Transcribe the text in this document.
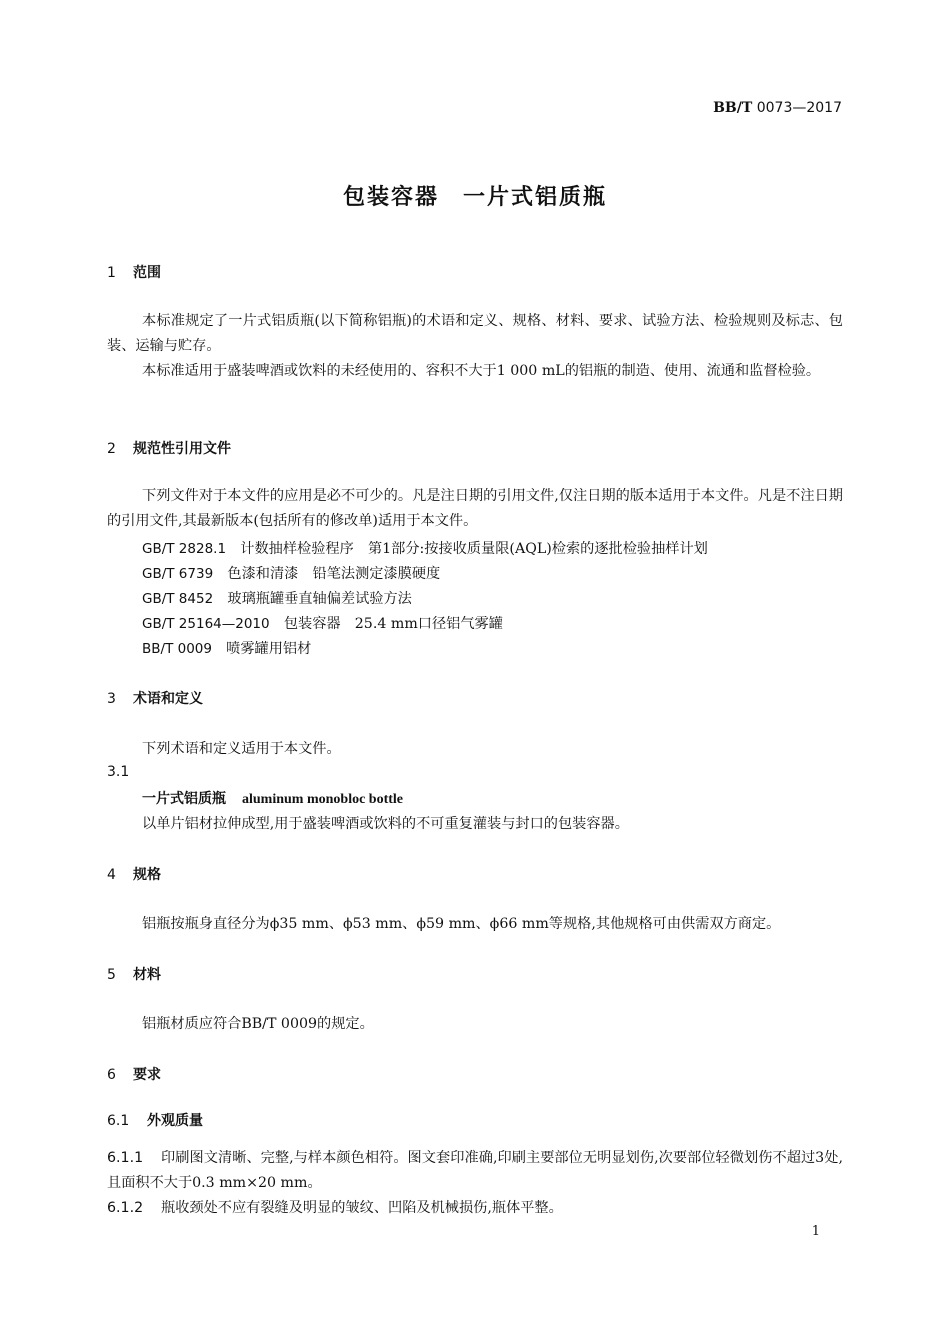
BB/T 0073—2017
包装容器　一片式铝质瓶
1 范围
本标准规定了一片式铝质瓶(以下简称铝瓶)的术语和定义、规格、材料、要求、试验方法、检验规则及标志、包装、运输与贮存。
本标准适用于盛装啤酒或饮料的未经使用的、容积不大于1 000 mL的铝瓶的制造、使用、流通和监督检验。
2 规范性引用文件
下列文件对于本文件的应用是必不可少的。凡是注日期的引用文件,仅注日期的版本适用于本文件。凡是不注日期的引用文件,其最新版本(包括所有的修改单)适用于本文件。
GB/T 2828.1　 计数抽样检验程序　第1部分:按接收质量限(AQL)检索的逐批检验抽样计划
GB/T 6739　 色漆和清漆　铅笔法测定漆膜硬度
GB/T 8452　 玻璃瓶罐垂直轴偏差试验方法
GB/T 25164—2010　 包装容器　25.4 mm口径铝气雾罐
BB/T 0009　 喷雾罐用铝材
3 术语和定义
下列术语和定义适用于本文件。
3.1
一片式铝质瓶 aluminum monobloc bottle
以单片铝材拉伸成型,用于盛装啤酒或饮料的不可重复灌装与封口的包装容器。
4 规格
铝瓶按瓶身直径分为ϕ35 mm、ϕ53 mm、ϕ59 mm、ϕ66 mm等规格,其他规格可由供需双方商定。
5 材料
铝瓶材质应符合BB/T 0009的规定。
6 要求
6.1 外观质量
6.1.1 印刷图文清晰、完整,与样本颜色相符。图文套印准确,印刷主要部位无明显划伤,次要部位轻微划伤不超过3处,且面积不大于0.3 mm×20 mm。
6.1.2 瓶收颈处不应有裂缝及明显的皱纹、凹陷及机械损伤,瓶体平整。
1
